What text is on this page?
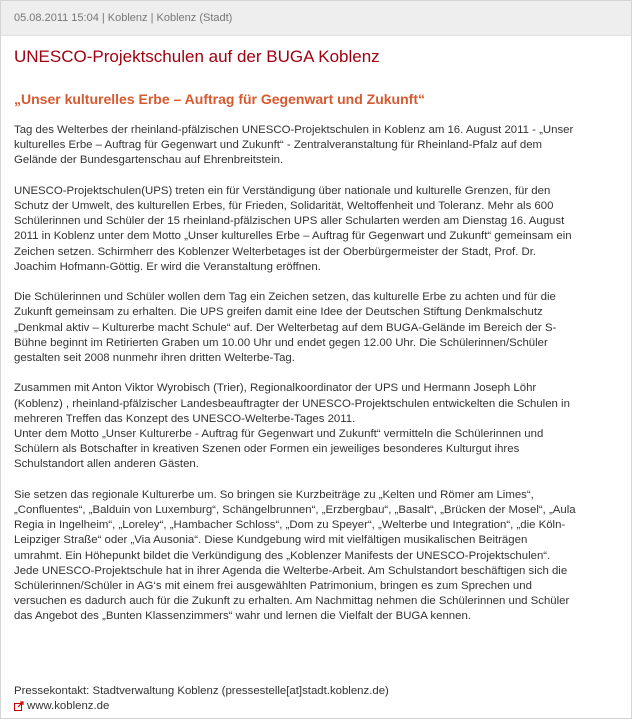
05.08.2011 15:04 | Koblenz | Koblenz (Stadt)
UNESCO-Projektschulen auf der BUGA Koblenz
„Unser kulturelles Erbe – Auftrag für Gegenwart und Zukunft“

Tag des Welterbes der rheinland-pfälzischen UNESCO-Projektschulen in Koblenz am 16. August 2011 - „Unser
kulturelles Erbe – Auftrag für Gegenwart und Zukunft“ - Zentralveranstaltung für Rheinland-Pfalz auf dem
Gelände der Bundesgartenschau auf Ehrenbreitstein.

UNESCO-Projektschulen(UPS) treten ein für Verständigung über nationale und kulturelle Grenzen, für den
Schutz der Umwelt, des kulturellen Erbes, für Frieden, Solidarität, Weltoffenheit und Toleranz. Mehr als 600
Schülerinnen und Schüler der 15 rheinland-pfälzischen UPS aller Schularten werden am Dienstag 16. August
2011 in Koblenz unter dem Motto „Unser kulturelles Erbe – Auftrag für Gegenwart und Zukunft“ gemeinsam ein
Zeichen setzen. Schirmherr des Koblenzer Welterbetages ist der Oberbürgermeister der Stadt, Prof. Dr.
Joachim Hofmann-Göttig. Er wird die Veranstaltung eröffnen.

Die Schülerinnen und Schüler wollen dem Tag ein Zeichen setzen, das kulturelle Erbe zu achten und für die
Zukunft gemeinsam zu erhalten. Die UPS greifen damit eine Idee der Deutschen Stiftung Denkmalschutz
„Denkmal aktiv – Kulturerbe macht Schule“ auf. Der Welterbetag auf dem BUGA-Gelände im Bereich der S-
Bühne beginnt im Retirierten Graben um 10.00 Uhr und endet gegen 12.00 Uhr. Die Schülerinnen/Schüler
gestalten seit 2008 nunmehr ihren dritten Welterbe-Tag.

Zusammen mit Anton Viktor Wyrobisch (Trier), Regionalkoordinator der UPS und Hermann Joseph Löhr
(Koblenz) , rheinland-pfälzischer Landesbeauftragter der UNESCO-Projektschulen entwickelten die Schulen in
mehreren Treffen das Konzept des UNESCO-Welterbe-Tages 2011.
Unter dem Motto „Unser Kulturerbe - Auftrag für Gegenwart und Zukunft“ vermitteln die Schülerinnen und
Schülern als Botschafter in kreativen Szenen oder Formen ein jeweiliges besonderes Kulturgut ihres
Schulstandort allen anderen Gästen.

Sie setzen das regionale Kulturerbe um. So bringen sie Kurzbeiträge zu „Kelten und Römer am Limes“,
„Confluentes“, „Balduin von Luxemburg“, Schängelbrunnen“, „Erzbergbau“, „Basalt“, „Brücken der Mosel“, „Aula
Regia in Ingelheim“, „Loreley“, „Hambacher Schloss“, „Dom zu Speyer“, „Welterbe und Integration“, „die Köln-
Leipziger Straße“ oder „Via Ausonia“. Diese Kundgebung wird mit vielfältigen musikalischen Beiträgen
umrahmt. Ein Höhepunkt bildet die Verkündigung des „Koblenzer Manifests der UNESCO-Projektschulen“.
Jede UNESCO-Projektschule hat in ihrer Agenda die Welterbe-Arbeit. Am Schulstandort beschäftigen sich die
Schülerinnen/Schüler in AG‘s mit einem frei ausgewählten Patrimonium, bringen es zum Sprechen und
versuchen es dadurch auch für die Zukunft zu erhalten. Am Nachmittag nehmen die Schülerinnen und Schüler
das Angebot des „Bunten Klassenzimmers“ wahr und lernen die Vielfalt der BUGA kennen.

Pressekontakt: Stadtverwaltung Koblenz (pressestelle[at]stadt.koblenz.de)
www.koblenz.de
